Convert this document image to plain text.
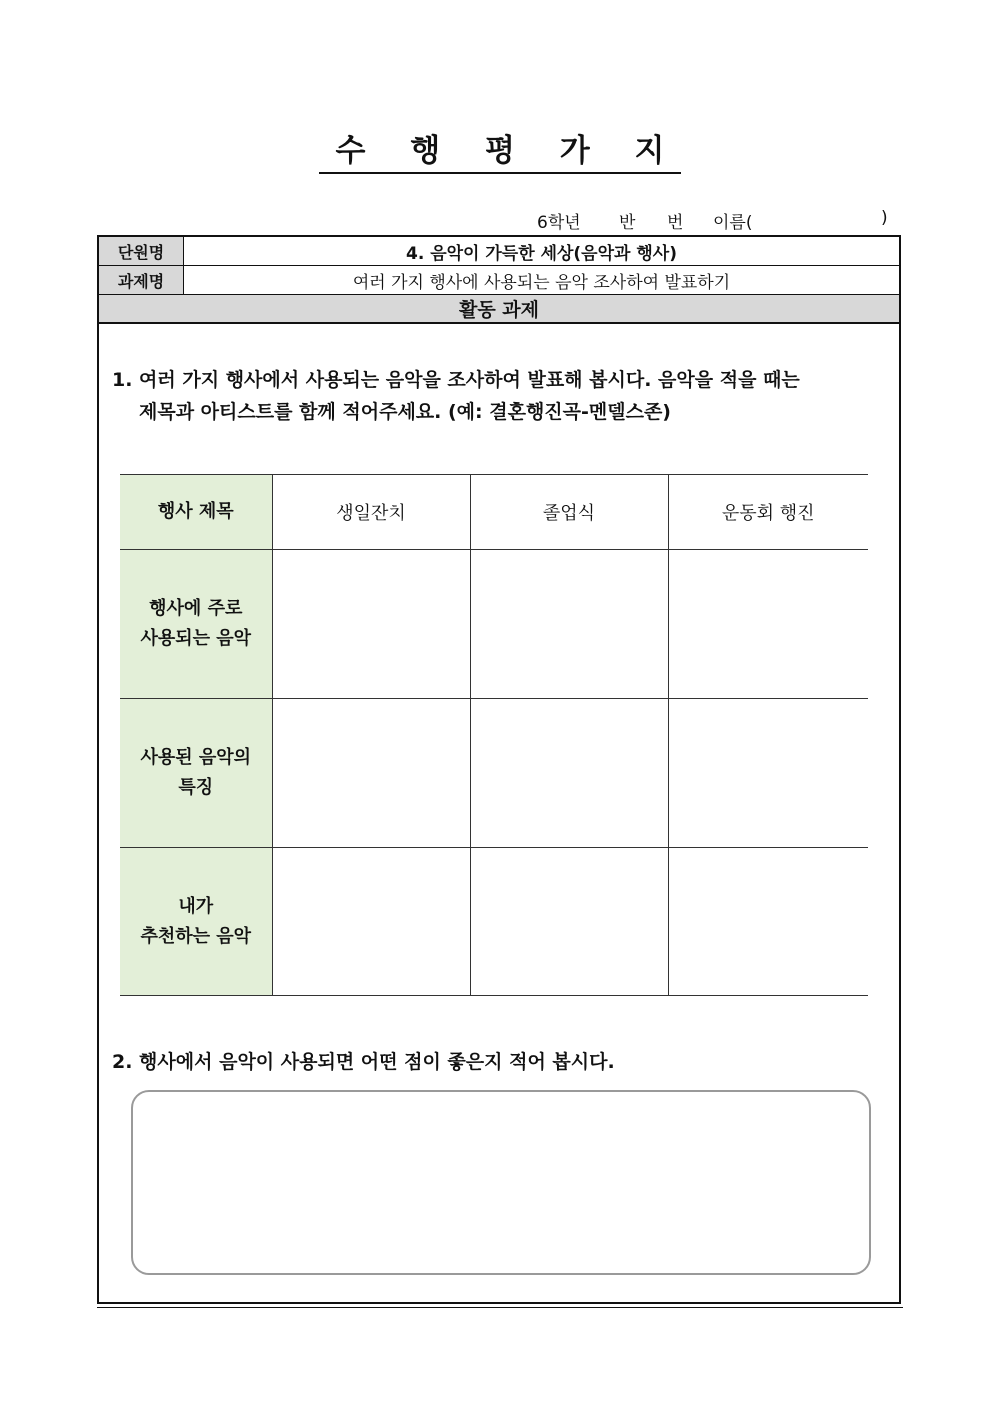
수 행 평 가 지
6학년 반 번 이름(	)
단원명	4. 음악이 가득한 세상(음악과 행사)
과제명	여러 가지 행사에 사용되는 음악 조사하여 발표하기
활동 과제
1. 여러 가지 행사에서 사용되는 음악을 조사하여 발표해 봅시다. 음악을 적을 때는
제목과 아티스트를 함께 적어주세요. (예: 결혼행진곡-멘델스존)
행사 제목	생일잔치	졸업식	운동회 행진

행사에 주로
사용되는 음악			

사용된 음악의
특징			

내가
추천하는 음악			

2. 행사에서 음악이 사용되면 어떤 점이 좋은지 적어 봅시다.
